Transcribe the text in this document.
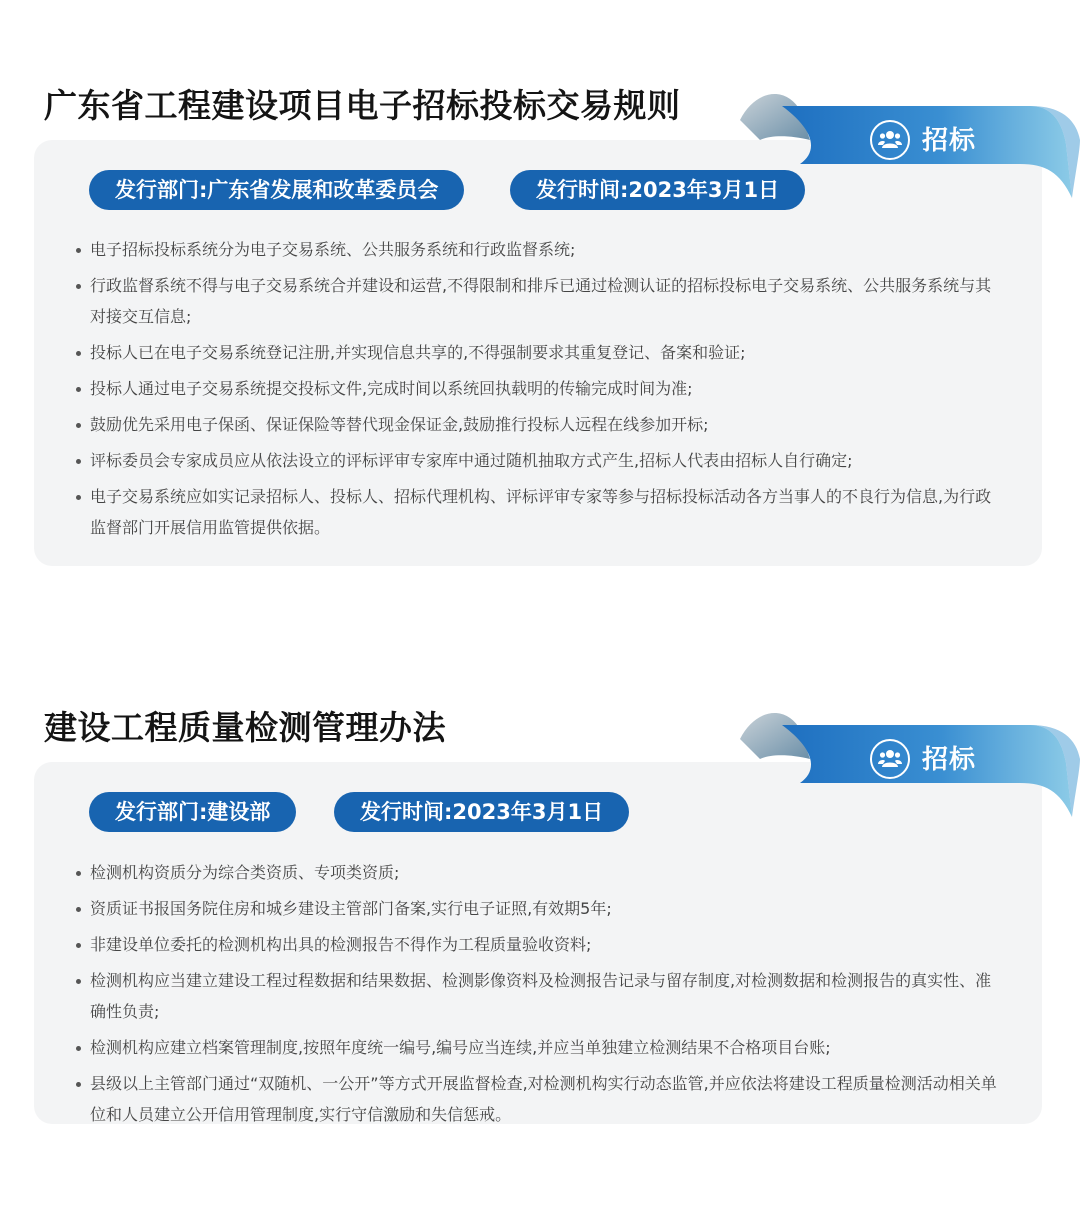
广东省工程建设项目电子招标投标交易规则
招标
发行部门:广东省发展和改革委员会	发行时间:2023年3月1日
电子招标投标系统分为电子交易系统、公共服务系统和行政监督系统;
行政监督系统不得与电子交易系统合并建设和运营,不得限制和排斥已通过检测认证的招标投标电子交易系统、公共服务系统与其对接交互信息;
投标人已在电子交易系统登记注册,并实现信息共享的,不得强制要求其重复登记、备案和验证;
投标人通过电子交易系统提交投标文件,完成时间以系统回执载明的传输完成时间为准;
鼓励优先采用电子保函、保证保险等替代现金保证金,鼓励推行投标人远程在线参加开标;
评标委员会专家成员应从依法设立的评标评审专家库中通过随机抽取方式产生,招标人代表由招标人自行确定;
电子交易系统应如实记录招标人、投标人、招标代理机构、评标评审专家等参与招标投标活动各方当事人的不良行为信息,为行政监督部门开展信用监管提供依据。
建设工程质量检测管理办法
招标
发行部门:建设部	发行时间:2023年3月1日
检测机构资质分为综合类资质、专项类资质;
资质证书报国务院住房和城乡建设主管部门备案,实行电子证照,有效期5年;
非建设单位委托的检测机构出具的检测报告不得作为工程质量验收资料;
检测机构应当建立建设工程过程数据和结果数据、检测影像资料及检测报告记录与留存制度,对检测数据和检测报告的真实性、准确性负责;
检测机构应建立档案管理制度,按照年度统一编号,编号应当连续,并应当单独建立检测结果不合格项目台账;
县级以上主管部门通过“双随机、一公开”等方式开展监督检查,对检测机构实行动态监管,并应依法将建设工程质量检测活动相关单位和人员建立公开信用管理制度,实行守信激励和失信惩戒。
